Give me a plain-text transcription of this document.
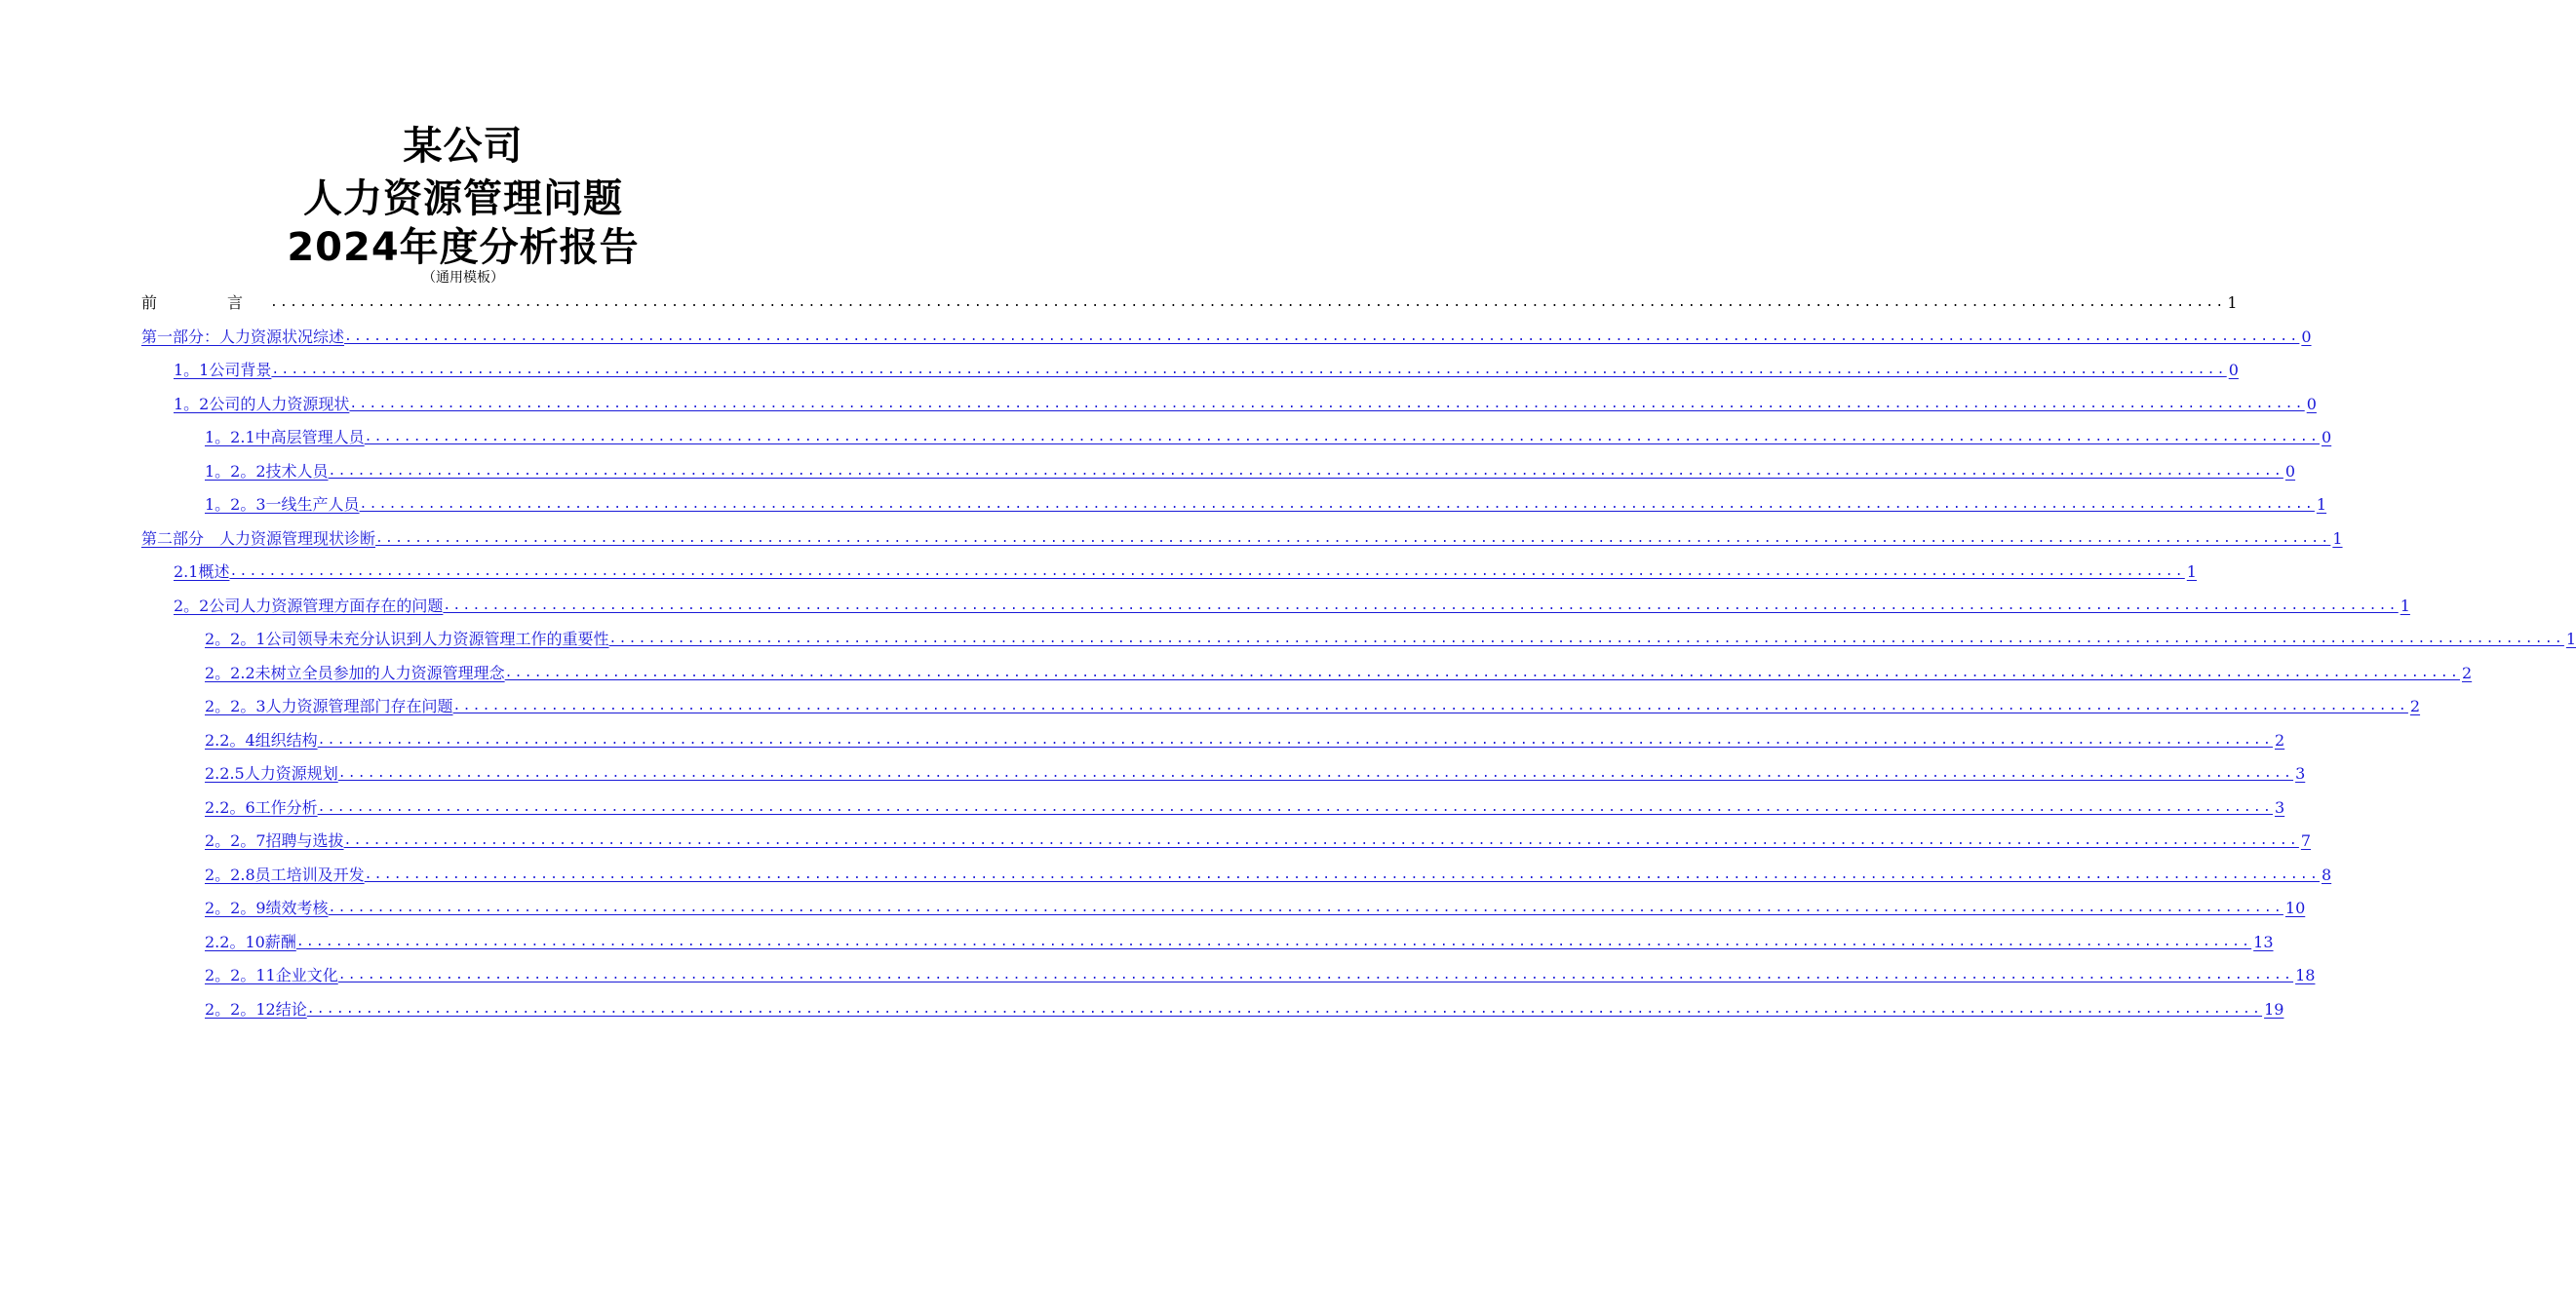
某公司
人力资源管理问题
2024年度分析报告
（通用模板）
前　言 ........................................................................................................................................................................................................ 1
第一部分：人力资源状况综述 ........................................................................................................................................................................................................ 0
1。1公司背景 ........................................................................................................................................................................................................ 0
1。2公司的人力资源现状 ........................................................................................................................................................................................................ 0
1。2.1中高层管理人员 ........................................................................................................................................................................................................ 0
1。2。2技术人员 ........................................................................................................................................................................................................ 0
1。2。3一线生产人员 ........................................................................................................................................................................................................ 1
第二部分　人力资源管理现状诊断 ........................................................................................................................................................................................................ 1
2.1概述 ........................................................................................................................................................................................................ 1
2。2公司人力资源管理方面存在的问题 ........................................................................................................................................................................................................ 1
2。2。1公司领导未充分认识到人力资源管理工作的重要性 ........................................................................................................................................................................................................ 1
2。2.2未树立全员参加的人力资源管理理念 ........................................................................................................................................................................................................ 2
2。2。3人力资源管理部门存在问题 ........................................................................................................................................................................................................ 2
2.2。4组织结构 ........................................................................................................................................................................................................ 2
2.2.5人力资源规划 ........................................................................................................................................................................................................ 3
2.2。6工作分析 ........................................................................................................................................................................................................ 3
2。2。7招聘与选拔 ........................................................................................................................................................................................................ 7
2。2.8员工培训及开发 ........................................................................................................................................................................................................ 8
2。2。9绩效考核 ........................................................................................................................................................................................................ 10
2.2。10薪酬 ........................................................................................................................................................................................................ 13
2。2。11企业文化 ........................................................................................................................................................................................................ 18
2。2。12结论 ........................................................................................................................................................................................................ 19
